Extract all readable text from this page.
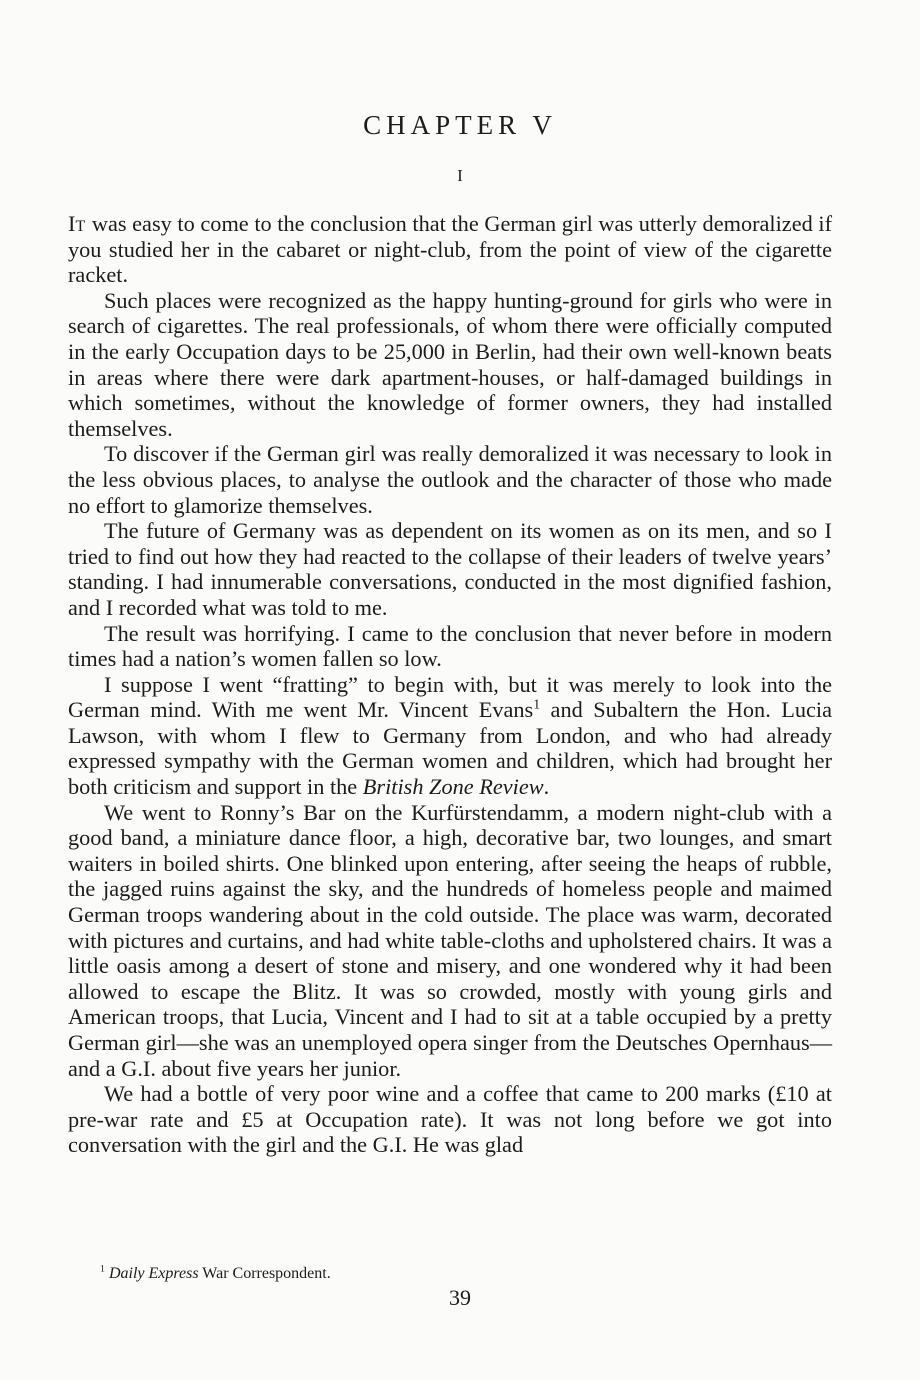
CHAPTER V
I

It was easy to come to the conclusion that the German girl was utterly demoralized if you studied her in the cabaret or night-club, from the point of view of the cigarette racket.

Such places were recognized as the happy hunting-ground for girls who were in search of cigarettes. The real professionals, of whom there were officially computed in the early Occupation days to be 25,000 in Berlin, had their own well-known beats in areas where there were dark apartment-houses, or half-damaged buildings in which sometimes, without the knowledge of former owners, they had installed themselves.

To discover if the German girl was really demoralized it was necessary to look in the less obvious places, to analyse the outlook and the character of those who made no effort to glamorize themselves.

The future of Germany was as dependent on its women as on its men, and so I tried to find out how they had reacted to the collapse of their leaders of twelve years’ standing. I had innumerable conversations, conducted in the most dignified fashion, and I recorded what was told to me.

The result was horrifying. I came to the conclusion that never before in modern times had a nation’s women fallen so low.

I suppose I went “fratting” to begin with, but it was merely to look into the German mind. With me went Mr. Vincent Evans$^1$ and Subaltern the Hon. Lucia Lawson, with whom I flew to Germany from London, and who had already expressed sympathy with the German women and children, which had brought her both criticism and support in the British Zone Review.

We went to Ronny’s Bar on the Kurfürstendamm, a modern night-club with a good band, a miniature dance floor, a high, decorative bar, two lounges, and smart waiters in boiled shirts. One blinked upon entering, after seeing the heaps of rubble, the jagged ruins against the sky, and the hundreds of homeless people and maimed German troops wandering about in the cold outside. The place was warm, decorated with pictures and curtains, and had white table-cloths and upholstered chairs. It was a little oasis among a desert of stone and misery, and one wondered why it had been allowed to escape the Blitz. It was so crowded, mostly with young girls and American troops, that Lucia, Vincent and I had to sit at a table occupied by a pretty German girl—she was an unemployed opera singer from the Deutsches Opernhaus—and a G.I. about five years her junior.

We had a bottle of very poor wine and a coffee that came to 200 marks (£10 at pre-war rate and £5 at Occupation rate). It was not long before we got into conversation with the girl and the G.I. He was glad

$^1$ Daily Express War Correspondent.
39
